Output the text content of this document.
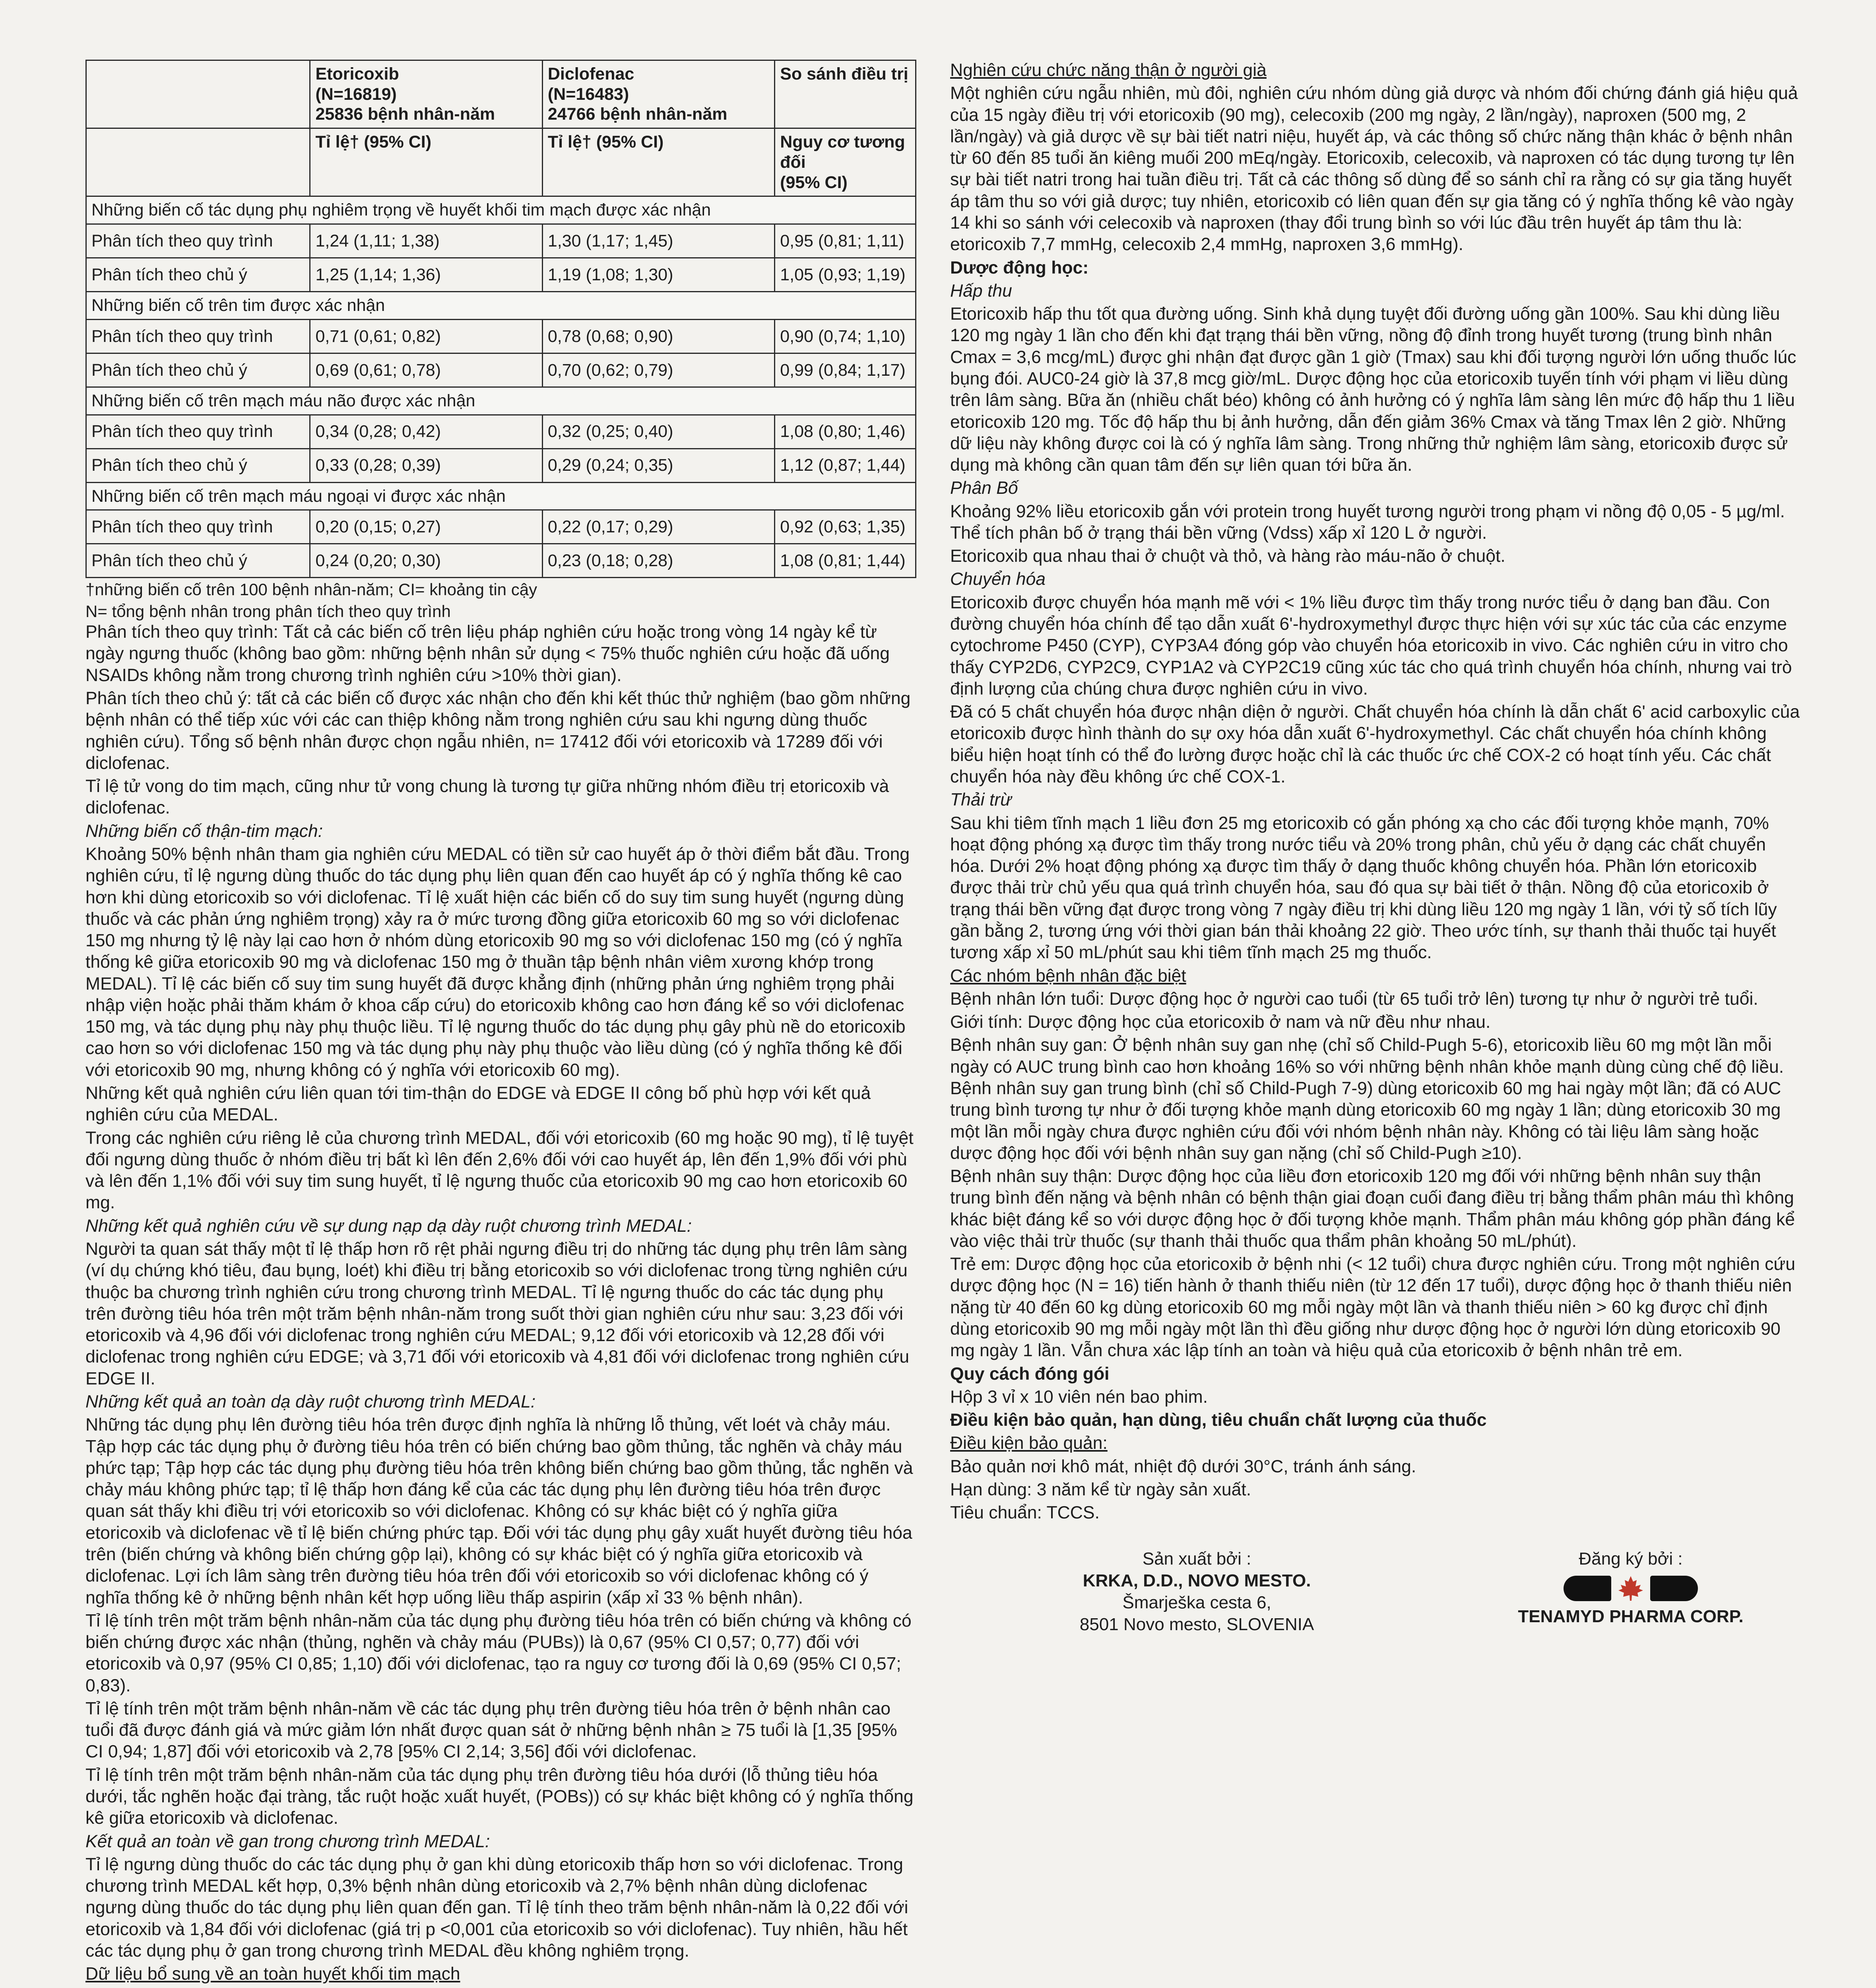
	Etoricoxib
(N=16819)
25836 bệnh nhân-năm	Diclofenac
(N=16483)
24766 bệnh nhân-năm	So sánh điều trị
	Tỉ lệ† (95% CI)	Tỉ lệ† (95% CI)	Nguy cơ tương đối
(95% CI)
Những biến cố tác dụng phụ nghiêm trọng về huyết khối tim mạch được xác nhận			
Phân tích theo quy trình	1,24 (1,11; 1,38)	1,30 (1,17; 1,45)	0,95 (0,81; 1,11)
Phân tích theo chủ ý	1,25 (1,14; 1,36)	1,19 (1,08; 1,30)	1,05 (0,93; 1,19)
Những biến cố trên tim được xác nhận			
Phân tích theo quy trình	0,71 (0,61; 0,82)	0,78 (0,68; 0,90)	0,90 (0,74; 1,10)
Phân tích theo chủ ý	0,69 (0,61; 0,78)	0,70 (0,62; 0,79)	0,99 (0,84; 1,17)
Những biến cố trên mạch máu não được xác nhận			
Phân tích theo quy trình	0,34 (0,28; 0,42)	0,32 (0,25; 0,40)	1,08 (0,80; 1,46)
Phân tích theo chủ ý	0,33 (0,28; 0,39)	0,29 (0,24; 0,35)	1,12 (0,87; 1,44)
Những biến cố trên mạch máu ngoại vi được xác nhận			
Phân tích theo quy trình	0,20 (0,15; 0,27)	0,22 (0,17; 0,29)	0,92 (0,63; 1,35)
Phân tích theo chủ ý	0,24 (0,20; 0,30)	0,23 (0,18; 0,28)	1,08 (0,81; 1,44)

†những biến cố trên 100 bệnh nhân-năm; CI= khoảng tin cậy

N= tổng bệnh nhân trong phân tích theo quy trình

Phân tích theo quy trình: Tất cả các biến cố trên liệu pháp nghiên cứu hoặc trong vòng 14 ngày kể từ ngày ngưng thuốc (không bao gồm: những bệnh nhân sử dụng < 75% thuốc nghiên cứu hoặc đã uống NSAIDs không nằm trong chương trình nghiên cứu >10% thời gian).

Phân tích theo chủ ý: tất cả các biến cố được xác nhận cho đến khi kết thúc thử nghiệm (bao gồm những bệnh nhân có thể tiếp xúc với các can thiệp không nằm trong nghiên cứu sau khi ngưng dùng thuốc nghiên cứu). Tổng số bệnh nhân được chọn ngẫu nhiên, n= 17412 đối với etoricoxib và 17289 đối với diclofenac.

Tỉ lệ tử vong do tim mạch, cũng như tử vong chung là tương tự giữa những nhóm điều trị etoricoxib và diclofenac.

Những biến cố thận-tim mạch:

Khoảng 50% bệnh nhân tham gia nghiên cứu MEDAL có tiền sử cao huyết áp ở thời điểm bắt đầu. Trong nghiên cứu, tỉ lệ ngưng dùng thuốc do tác dụng phụ liên quan đến cao huyết áp có ý nghĩa thống kê cao hơn khi dùng etoricoxib so với diclofenac. Tỉ lệ xuất hiện các biến cố do suy tim sung huyết (ngưng dùng thuốc và các phản ứng nghiêm trọng) xảy ra ở mức tương đồng giữa etoricoxib 60 mg so với diclofenac 150 mg nhưng tỷ lệ này lại cao hơn ở nhóm dùng etoricoxib 90 mg so với diclofenac 150 mg (có ý nghĩa thống kê giữa etoricoxib 90 mg và diclofenac 150 mg ở thuần tập bệnh nhân viêm xương khớp trong MEDAL). Tỉ lệ các biến cố suy tim sung huyết đã được khẳng định (những phản ứng nghiêm trọng phải nhập viện hoặc phải thăm khám ở khoa cấp cứu) do etoricoxib không cao hơn đáng kể so với diclofenac 150 mg, và tác dụng phụ này phụ thuộc liều. Tỉ lệ ngưng thuốc do tác dụng phụ gây phù nề do etoricoxib cao hơn so với diclofenac 150 mg và tác dụng phụ này phụ thuộc vào liều dùng (có ý nghĩa thống kê đối với etoricoxib 90 mg, nhưng không có ý nghĩa với etoricoxib 60 mg).

Những kết quả nghiên cứu liên quan tới tim-thận do EDGE và EDGE II công bố phù hợp với kết quả nghiên cứu của MEDAL.

Trong các nghiên cứu riêng lẻ của chương trình MEDAL, đối với etoricoxib (60 mg hoặc 90 mg), tỉ lệ tuyệt đối ngưng dùng thuốc ở nhóm điều trị bất kì lên đến 2,6% đối với cao huyết áp, lên đến 1,9% đối với phù và lên đến 1,1% đối với suy tim sung huyết, tỉ lệ ngưng thuốc của etoricoxib 90 mg cao hơn etoricoxib 60 mg.

Những kết quả nghiên cứu về sự dung nạp dạ dày ruột chương trình MEDAL:

Người ta quan sát thấy một tỉ lệ thấp hơn rõ rệt phải ngưng điều trị do những tác dụng phụ trên lâm sàng (ví dụ chứng khó tiêu, đau bụng, loét) khi điều trị bằng etoricoxib so với diclofenac trong từng nghiên cứu thuộc ba chương trình nghiên cứu trong chương trình MEDAL. Tỉ lệ ngưng thuốc do các tác dụng phụ trên đường tiêu hóa trên một trăm bệnh nhân-năm trong suốt thời gian nghiên cứu như sau: 3,23 đối với etoricoxib và 4,96 đối với diclofenac trong nghiên cứu MEDAL; 9,12 đối với etoricoxib và 12,28 đối với diclofenac trong nghiên cứu EDGE; và 3,71 đối với etoricoxib và 4,81 đối với diclofenac trong nghiên cứu EDGE II.

Những kết quả an toàn dạ dày ruột chương trình MEDAL:

Những tác dụng phụ lên đường tiêu hóa trên được định nghĩa là những lỗ thủng, vết loét và chảy máu. Tập hợp các tác dụng phụ ở đường tiêu hóa trên có biến chứng bao gồm thủng, tắc nghẽn và chảy máu phức tạp; Tập hợp các tác dụng phụ đường tiêu hóa trên không biến chứng bao gồm thủng, tắc nghẽn và chảy máu không phức tạp; tỉ lệ thấp hơn đáng kể của các tác dụng phụ lên đường tiêu hóa trên được quan sát thấy khi điều trị với etoricoxib so với diclofenac. Không có sự khác biệt có ý nghĩa giữa etoricoxib và diclofenac về tỉ lệ biến chứng phức tạp. Đối với tác dụng phụ gây xuất huyết đường tiêu hóa trên (biến chứng và không biến chứng gộp lại), không có sự khác biệt có ý nghĩa giữa etoricoxib và diclofenac. Lợi ích lâm sàng trên đường tiêu hóa trên đối với etoricoxib so với diclofenac không có ý nghĩa thống kê ở những bệnh nhân kết hợp uống liều thấp aspirin (xấp xỉ 33 % bệnh nhân).

Tỉ lệ tính trên một trăm bệnh nhân-năm của tác dụng phụ đường tiêu hóa trên có biến chứng và không có biến chứng được xác nhận (thủng, nghẽn và chảy máu (PUBs)) là 0,67 (95% CI 0,57; 0,77) đối với etoricoxib và 0,97 (95% CI 0,85; 1,10) đối với diclofenac, tạo ra nguy cơ tương đối là 0,69 (95% CI 0,57; 0,83).

Tỉ lệ tính trên một trăm bệnh nhân-năm về các tác dụng phụ trên đường tiêu hóa trên ở bệnh nhân cao tuổi đã được đánh giá và mức giảm lớn nhất được quan sát ở những bệnh nhân ≥ 75 tuổi là [1,35 [95% CI 0,94; 1,87] đối với etoricoxib và 2,78 [95% CI 2,14; 3,56] đối với diclofenac.

Tỉ lệ tính trên một trăm bệnh nhân-năm của tác dụng phụ trên đường tiêu hóa dưới (lỗ thủng tiêu hóa dưới, tắc nghẽn hoặc đại tràng, tắc ruột hoặc xuất huyết, (POBs)) có sự khác biệt không có ý nghĩa thống kê giữa etoricoxib và diclofenac.

Kết quả an toàn về gan trong chương trình MEDAL:

Tỉ lệ ngưng dùng thuốc do các tác dụng phụ ở gan khi dùng etoricoxib thấp hơn so với diclofenac. Trong chương trình MEDAL kết hợp, 0,3% bệnh nhân dùng etoricoxib và 2,7% bệnh nhân dùng diclofenac ngưng dùng thuốc do tác dụng phụ liên quan đến gan. Tỉ lệ tính theo trăm bệnh nhân-năm là 0,22 đối với etoricoxib và 1,84 đối với diclofenac (giá trị p <0,001 của etoricoxib so với diclofenac). Tuy nhiên, hầu hết các tác dụng phụ ở gan trong chương trình MEDAL đều không nghiêm trọng.

Dữ liệu bổ sung về an toàn huyết khối tim mạch

Nghiên cứu chức năng thận ở người già

Một nghiên cứu ngẫu nhiên, mù đôi, nghiên cứu nhóm dùng giả dược và nhóm đối chứng đánh giá hiệu quả của 15 ngày điều trị với etoricoxib (90 mg), celecoxib (200 mg ngày, 2 lần/ngày), naproxen (500 mg, 2 lần/ngày) và giả dược về sự bài tiết natri niệu, huyết áp, và các thông số chức năng thận khác ở bệnh nhân từ 60 đến 85 tuổi ăn kiêng muối 200 mEq/ngày. Etoricoxib, celecoxib, và naproxen có tác dụng tương tự lên sự bài tiết natri trong hai tuần điều trị. Tất cả các thông số dùng để so sánh chỉ ra rằng có sự gia tăng huyết áp tâm thu so với giả dược; tuy nhiên, etoricoxib có liên quan đến sự gia tăng có ý nghĩa thống kê vào ngày 14 khi so sánh với celecoxib và naproxen (thay đổi trung bình so với lúc đầu trên huyết áp tâm thu là: etoricoxib 7,7 mmHg, celecoxib 2,4 mmHg, naproxen 3,6 mmHg).

Dược động học:

Hấp thu

Etoricoxib hấp thu tốt qua đường uống. Sinh khả dụng tuyệt đối đường uống gần 100%. Sau khi dùng liều 120 mg ngày 1 lần cho đến khi đạt trạng thái bền vững, nồng độ đỉnh trong huyết tương (trung bình nhân Cmax = 3,6 mcg/mL) được ghi nhận đạt được gần 1 giờ (Tmax) sau khi đối tượng người lớn uống thuốc lúc bụng đói. AUC0-24 giờ là 37,8 mcg giờ/mL. Dược động học của etoricoxib tuyến tính với phạm vi liều dùng trên lâm sàng. Bữa ăn (nhiều chất béo) không có ảnh hưởng có ý nghĩa lâm sàng lên mức độ hấp thu 1 liều etoricoxib 120 mg. Tốc độ hấp thu bị ảnh hưởng, dẫn đến giảm 36% Cmax và tăng Tmax lên 2 giờ. Những dữ liệu này không được coi là có ý nghĩa lâm sàng. Trong những thử nghiệm lâm sàng, etoricoxib được sử dụng mà không cần quan tâm đến sự liên quan tới bữa ăn.

Phân Bố

Khoảng 92% liều etoricoxib gắn với protein trong huyết tương người trong phạm vi nồng độ 0,05 - 5 µg/ml. Thể tích phân bố ở trạng thái bền vững (Vdss) xấp xỉ 120 L ở người.

Etoricoxib qua nhau thai ở chuột và thỏ, và hàng rào máu-não ở chuột.

Chuyển hóa

Etoricoxib được chuyển hóa mạnh mẽ với < 1% liều được tìm thấy trong nước tiểu ở dạng ban đầu. Con đường chuyển hóa chính để tạo dẫn xuất 6'-hydroxymethyl được thực hiện với sự xúc tác của các enzyme cytochrome P450 (CYP), CYP3A4 đóng góp vào chuyển hóa etoricoxib in vivo. Các nghiên cứu in vitro cho thấy CYP2D6, CYP2C9, CYP1A2 và CYP2C19 cũng xúc tác cho quá trình chuyển hóa chính, nhưng vai trò định lượng của chúng chưa được nghiên cứu in vivo.

Đã có 5 chất chuyển hóa được nhận diện ở người. Chất chuyển hóa chính là dẫn chất 6' acid carboxylic của etoricoxib được hình thành do sự oxy hóa dẫn xuất 6'-hydroxymethyl. Các chất chuyển hóa chính không biểu hiện hoạt tính có thể đo lường được hoặc chỉ là các thuốc ức chế COX-2 có hoạt tính yếu. Các chất chuyển hóa này đều không ức chế COX-1.

Thải trừ

Sau khi tiêm tĩnh mạch 1 liều đơn 25 mg etoricoxib có gắn phóng xạ cho các đối tượng khỏe mạnh, 70% hoạt động phóng xạ được tìm thấy trong nước tiểu và 20% trong phân, chủ yếu ở dạng các chất chuyển hóa. Dưới 2% hoạt động phóng xạ được tìm thấy ở dạng thuốc không chuyển hóa. Phần lớn etoricoxib được thải trừ chủ yếu qua quá trình chuyển hóa, sau đó qua sự bài tiết ở thận. Nồng độ của etoricoxib ở trạng thái bền vững đạt được trong vòng 7 ngày điều trị khi dùng liều 120 mg ngày 1 lần, với tỷ số tích lũy gần bằng 2, tương ứng với thời gian bán thải khoảng 22 giờ. Theo ước tính, sự thanh thải thuốc tại huyết tương xấp xỉ 50 mL/phút sau khi tiêm tĩnh mạch 25 mg thuốc.

Các nhóm bệnh nhân đặc biệt

Bệnh nhân lớn tuổi: Dược động học ở người cao tuổi (từ 65 tuổi trở lên) tương tự như ở người trẻ tuổi.

Giới tính: Dược động học của etoricoxib ở nam và nữ đều như nhau.

Bệnh nhân suy gan: Ở bệnh nhân suy gan nhẹ (chỉ số Child-Pugh 5-6), etoricoxib liều 60 mg một lần mỗi ngày có AUC trung bình cao hơn khoảng 16% so với những bệnh nhân khỏe mạnh dùng cùng chế độ liều. Bệnh nhân suy gan trung bình (chỉ số Child-Pugh 7-9) dùng etoricoxib 60 mg hai ngày một lần; đã có AUC trung bình tương tự như ở đối tượng khỏe mạnh dùng etoricoxib 60 mg ngày 1 lần; dùng etoricoxib 30 mg một lần mỗi ngày chưa được nghiên cứu đối với nhóm bệnh nhân này. Không có tài liệu lâm sàng hoặc dược động học đối với bệnh nhân suy gan nặng (chỉ số Child-Pugh ≥10).

Bệnh nhân suy thận: Dược động học của liều đơn etoricoxib 120 mg đối với những bệnh nhân suy thận trung bình đến nặng và bệnh nhân có bệnh thận giai đoạn cuối đang điều trị bằng thẩm phân máu thì không khác biệt đáng kể so với dược động học ở đối tượng khỏe mạnh. Thẩm phân máu không góp phần đáng kể vào việc thải trừ thuốc (sự thanh thải thuốc qua thẩm phân khoảng 50 mL/phút).

Trẻ em: Dược động học của etoricoxib ở bệnh nhi (< 12 tuổi) chưa được nghiên cứu. Trong một nghiên cứu dược động học (N = 16) tiến hành ở thanh thiếu niên (từ 12 đến 17 tuổi), dược động học ở thanh thiếu niên nặng từ 40 đến 60 kg dùng etoricoxib 60 mg mỗi ngày một lần và thanh thiếu niên > 60 kg được chỉ định dùng etoricoxib 90 mg mỗi ngày một lần thì đều giống như dược động học ở người lớn dùng etoricoxib 90 mg ngày 1 lần. Vẫn chưa xác lập tính an toàn và hiệu quả của etoricoxib ở bệnh nhân trẻ em.

Quy cách đóng gói

Hộp 3 vỉ x 10 viên nén bao phim.

Điều kiện bảo quản, hạn dùng, tiêu chuẩn chất lượng của thuốc

Điều kiện bảo quản:

Bảo quản nơi khô mát, nhiệt độ dưới 30°C, tránh ánh sáng.

Hạn dùng: 3 năm kể từ ngày sản xuất.

Tiêu chuẩn: TCCS.

Sản xuất bởi :
KRKA, D.D., NOVO MESTO.
Šmarješka cesta 6,
8501 Novo mesto, SLOVENIA
Đăng ký bởi :
TENAMYD PHARMA CORP.
